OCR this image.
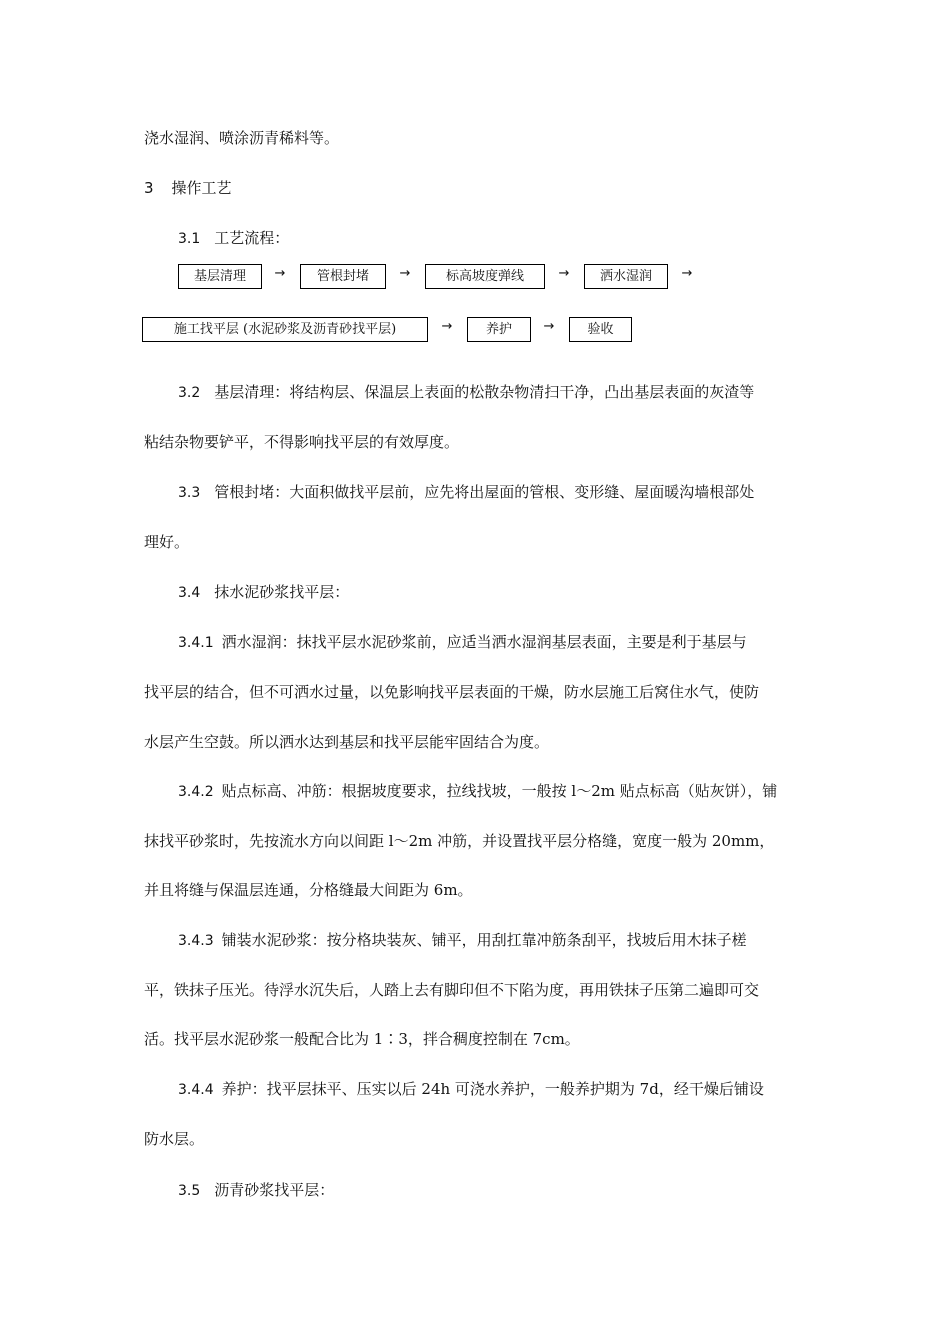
浇水湿润、喷涂沥青稀料等。
3 操作工艺
3.1 工艺流程：
基层清理	→	管根封堵	→	标高坡度弹线	→	洒水湿润	→
施工找平层 (水泥砂浆及沥青砂找平层)	→	养护	→	验收
3.2 基层清理：将结构层、保温层上表面的松散杂物清扫干净，凸出基层表面的灰渣等
粘结杂物要铲平，不得影响找平层的有效厚度。
3.3 管根封堵：大面积做找平层前，应先将出屋面的管根、变形缝、屋面暖沟墙根部处
理好。
3.4 抹水泥砂浆找平层：
3.4.1 洒水湿润：抹找平层水泥砂浆前，应适当洒水湿润基层表面，主要是利于基层与
找平层的结合，但不可洒水过量，以免影响找平层表面的干燥，防水层施工后窝住水气，使防
水层产生空鼓。所以洒水达到基层和找平层能牢固结合为度。
3.4.2 贴点标高、冲筋：根据坡度要求，拉线找坡，一般按 l～2m 贴点标高（贴灰饼），铺
抹找平砂浆时，先按流水方向以间距 l～2m 冲筋，并设置找平层分格缝，宽度一般为 20mm，
并且将缝与保温层连通，分格缝最大间距为 6m。
3.4.3 铺装水泥砂浆：按分格块装灰、铺平，用刮扛靠冲筋条刮平，找坡后用木抹子槎
平，铁抹子压光。待浮水沉失后，人踏上去有脚印但不下陷为度，再用铁抹子压第二遍即可交
活。找平层水泥砂浆一般配合比为 1∶3，拌合稠度控制在 7cm。
3.4.4 养护：找平层抹平、压实以后 24h 可浇水养护，一般养护期为 7d，经干燥后铺设
防水层。
3.5 沥青砂浆找平层：
